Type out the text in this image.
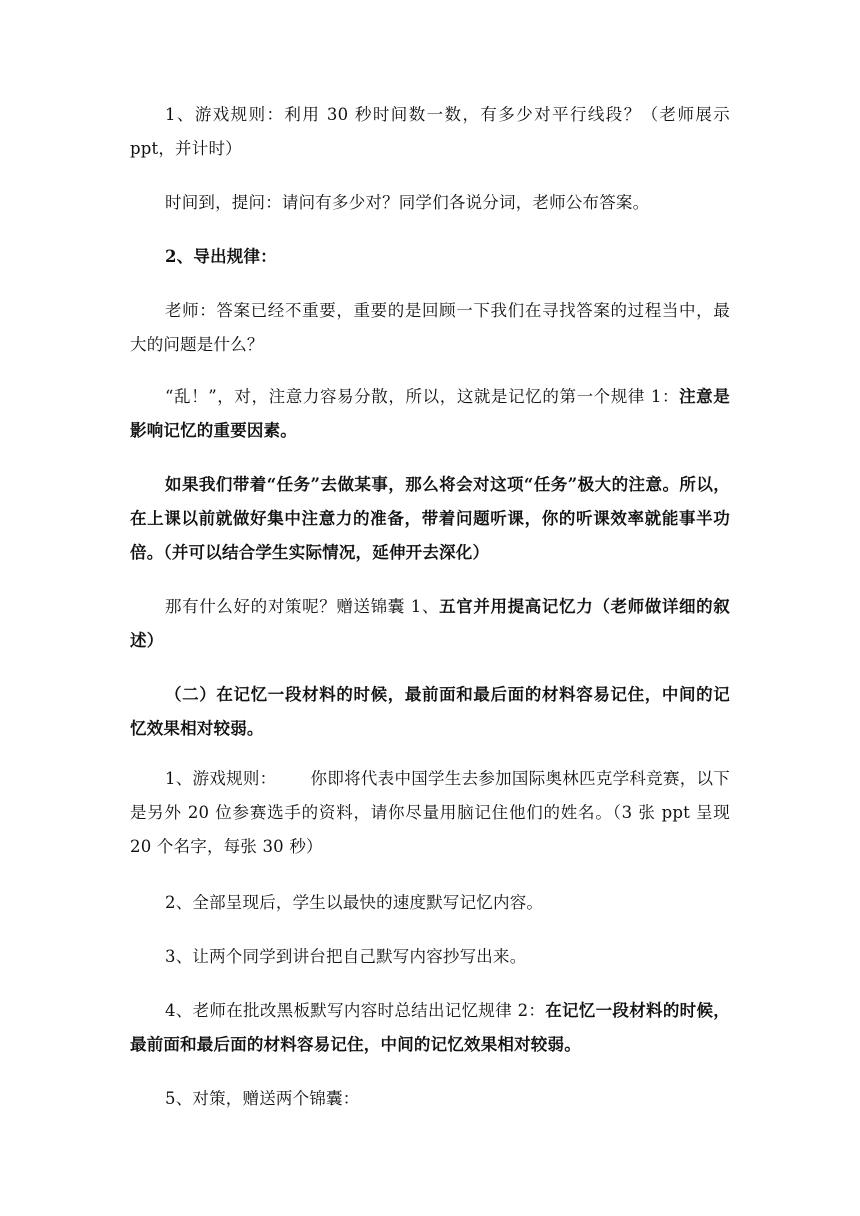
1、游戏规则：利用 30 秒时间数一数，有多少对平行线段？（老师展示 ppt，并计时）

时间到，提问：请问有多少对？同学们各说分词，老师公布答案。

2、导出规律：

老师：答案已经不重要，重要的是回顾一下我们在寻找答案的过程当中，最大的问题是什么？

“乱！”，对，注意力容易分散，所以，这就是记忆的第一个规律 1：注意是影响记忆的重要因素。

如果我们带着“任务”去做某事，那么将会对这项“任务”极大的注意。所以，在上课以前就做好集中注意力的准备，带着问题听课，你的听课效率就能事半功倍。（并可以结合学生实际情况，延伸开去深化）

那有什么好的对策呢？赠送锦囊 1、五官并用提高记忆力（老师做详细的叙述）

（二）在记忆一段材料的时候，最前面和最后面的材料容易记住，中间的记忆效果相对较弱。

1、游戏规则： 你即将代表中国学生去参加国际奥林匹克学科竞赛，以下是另外 20 位参赛选手的资料，请你尽量用脑记住他们的姓名。（3 张 ppt 呈现 20 个名字，每张 30 秒）

2、全部呈现后，学生以最快的速度默写记忆内容。

3、让两个同学到讲台把自己默写内容抄写出来。

4、老师在批改黑板默写内容时总结出记忆规律 2：在记忆一段材料的时候，最前面和最后面的材料容易记住，中间的记忆效果相对较弱。

5、对策，赠送两个锦囊：
